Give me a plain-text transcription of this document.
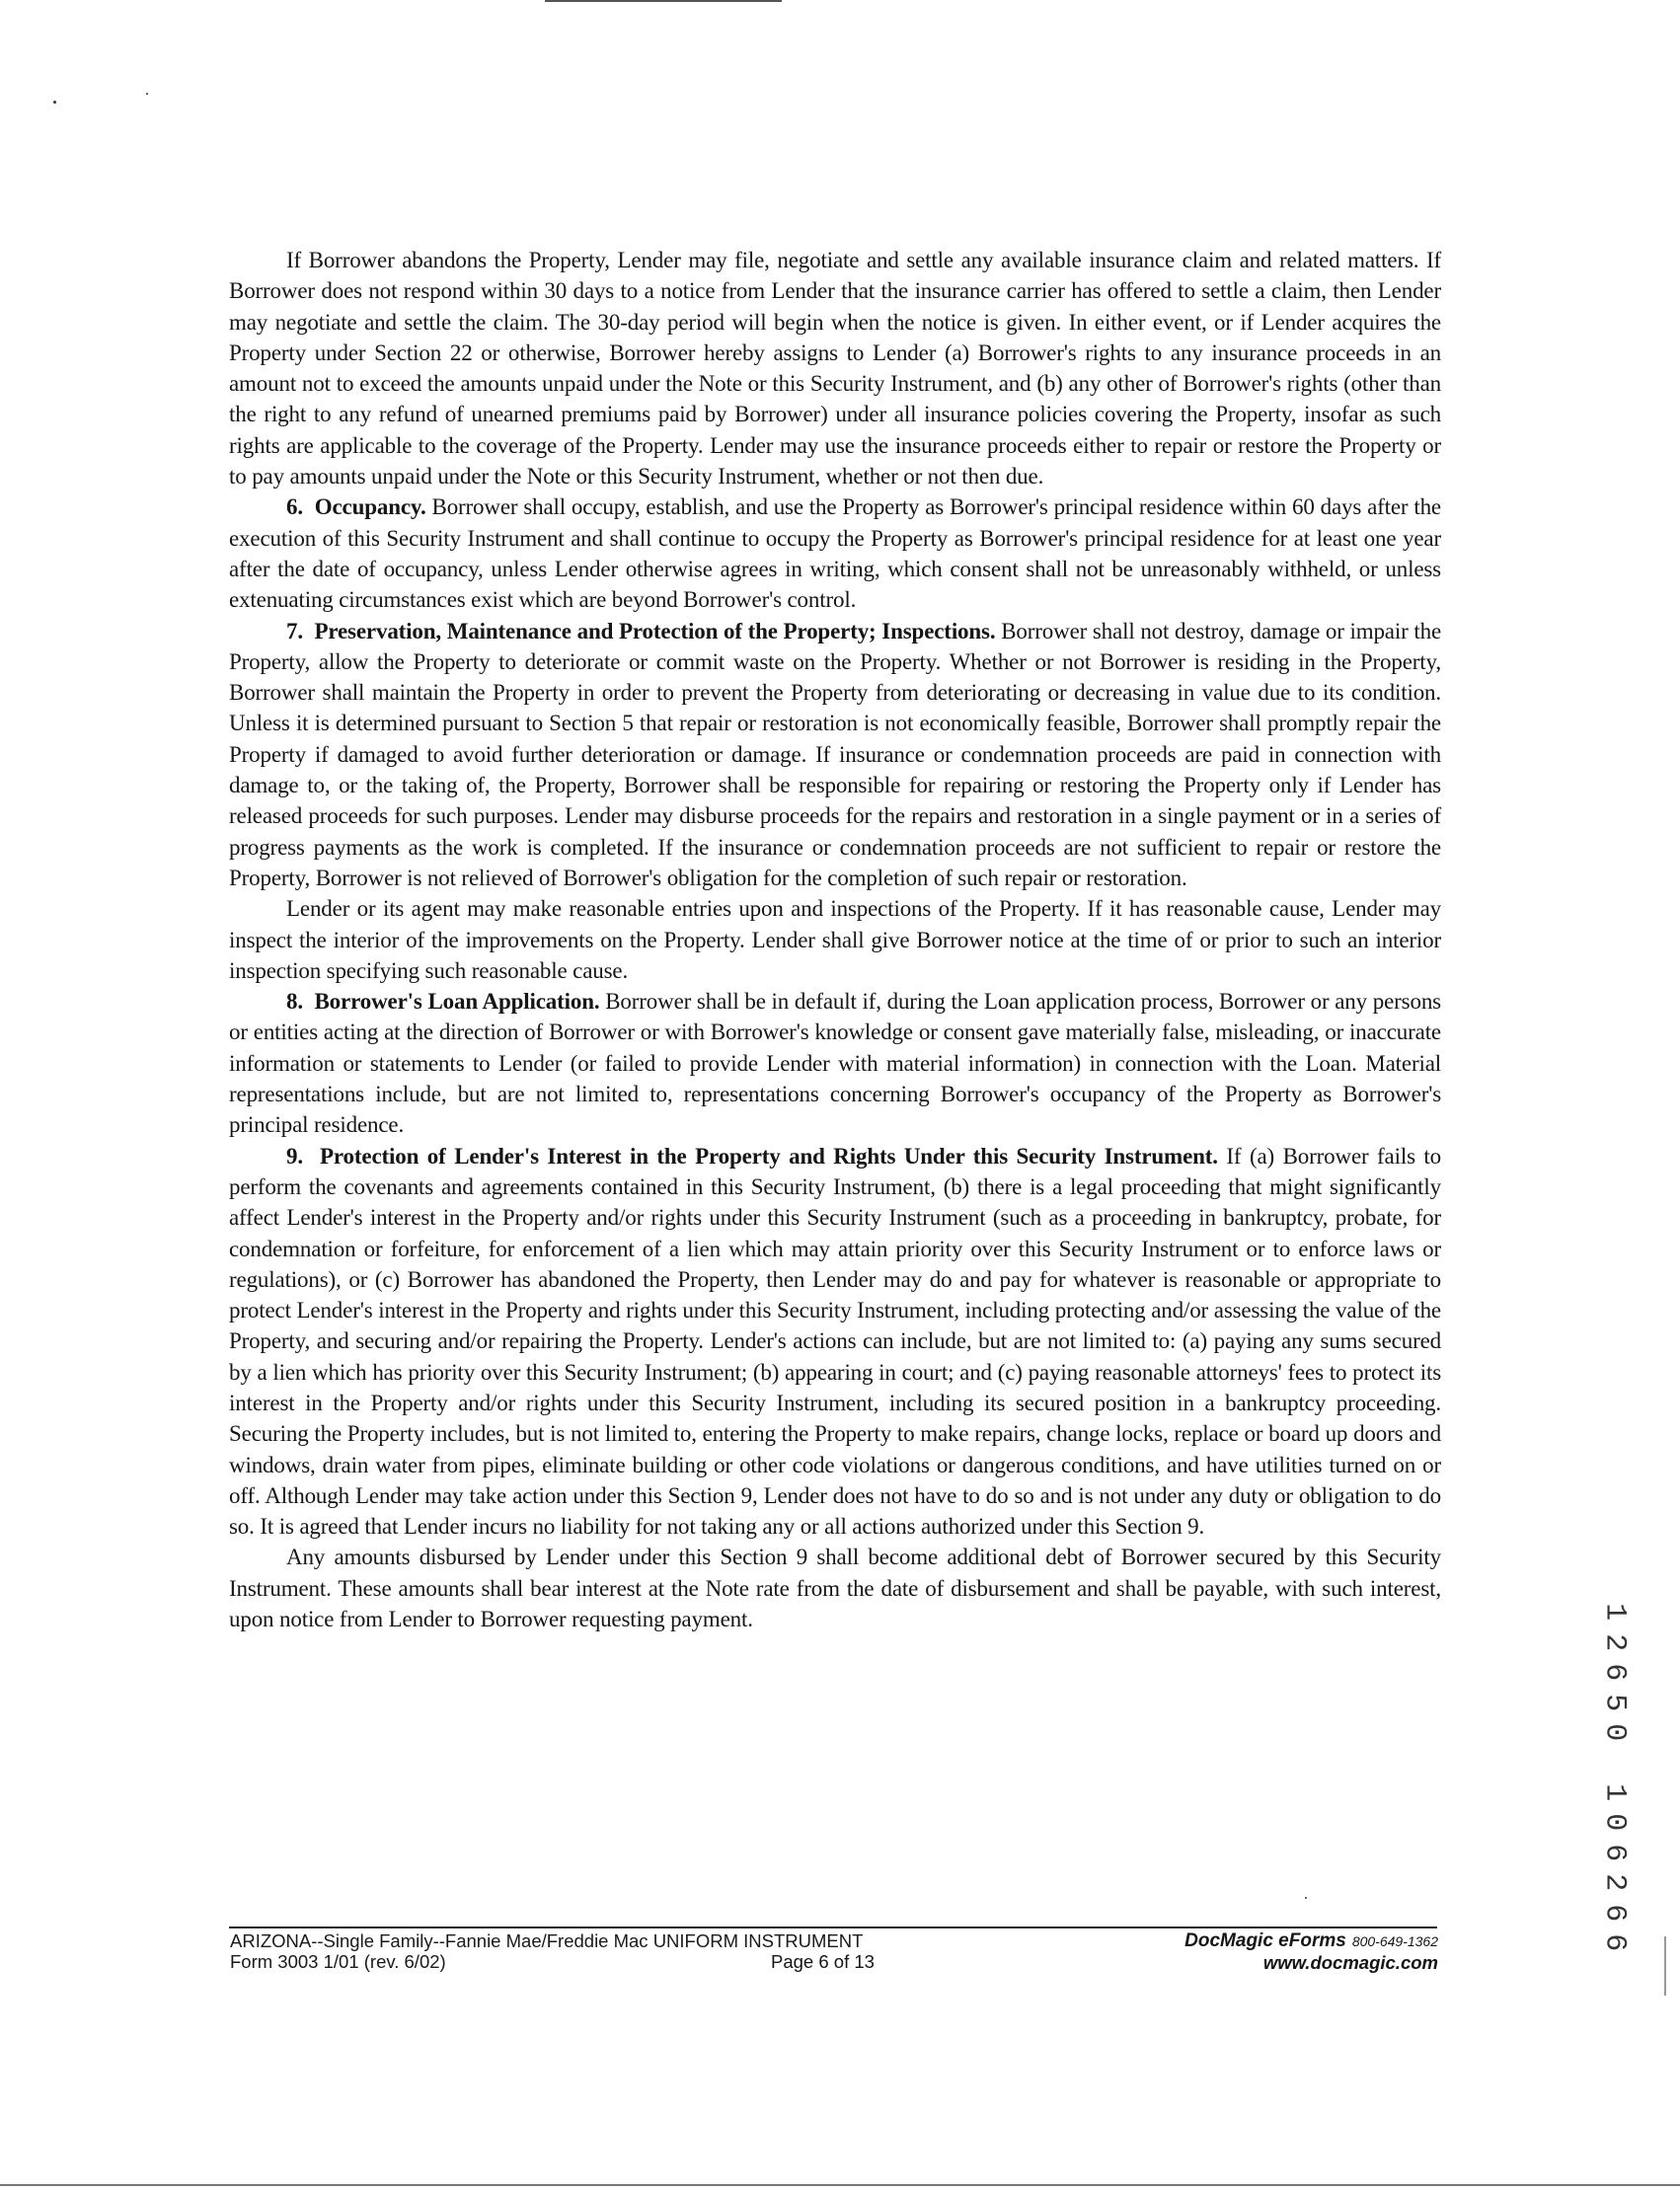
If Borrower abandons the Property, Lender may file, negotiate and settle any available insurance claim and related matters. If Borrower does not respond within 30 days to a notice from Lender that the insurance carrier has offered to settle a claim, then Lender may negotiate and settle the claim. The 30-day period will begin when the notice is given. In either event, or if Lender acquires the Property under Section 22 or otherwise, Borrower hereby assigns to Lender (a) Borrower's rights to any insurance proceeds in an amount not to exceed the amounts unpaid under the Note or this Security Instrument, and (b) any other of Borrower's rights (other than the right to any refund of unearned premiums paid by Borrower) under all insurance policies covering the Property, insofar as such rights are applicable to the coverage of the Property. Lender may use the insurance proceeds either to repair or restore the Property or to pay amounts unpaid under the Note or this Security Instrument, whether or not then due.

6. Occupancy. Borrower shall occupy, establish, and use the Property as Borrower's principal residence within 60 days after the execution of this Security Instrument and shall continue to occupy the Property as Borrower's principal residence for at least one year after the date of occupancy, unless Lender otherwise agrees in writing, which consent shall not be unreasonably withheld, or unless extenuating circumstances exist which are beyond Borrower's control.

7. Preservation, Maintenance and Protection of the Property; Inspections. Borrower shall not destroy, damage or impair the Property, allow the Property to deteriorate or commit waste on the Property. Whether or not Borrower is residing in the Property, Borrower shall maintain the Property in order to prevent the Property from deteriorating or decreasing in value due to its condition. Unless it is determined pursuant to Section 5 that repair or restoration is not economically feasible, Borrower shall promptly repair the Property if damaged to avoid further deterioration or damage. If insurance or condemnation proceeds are paid in connection with damage to, or the taking of, the Property, Borrower shall be responsible for repairing or restoring the Property only if Lender has released proceeds for such purposes. Lender may disburse proceeds for the repairs and restoration in a single payment or in a series of progress payments as the work is completed. If the insurance or condemnation proceeds are not sufficient to repair or restore the Property, Borrower is not relieved of Borrower's obligation for the completion of such repair or restoration.

Lender or its agent may make reasonable entries upon and inspections of the Property. If it has reasonable cause, Lender may inspect the interior of the improvements on the Property. Lender shall give Borrower notice at the time of or prior to such an interior inspection specifying such reasonable cause.

8. Borrower's Loan Application. Borrower shall be in default if, during the Loan application process, Borrower or any persons or entities acting at the direction of Borrower or with Borrower's knowledge or consent gave materially false, misleading, or inaccurate information or statements to Lender (or failed to provide Lender with material information) in connection with the Loan. Material representations include, but are not limited to, representations concerning Borrower's occupancy of the Property as Borrower's principal residence.

9. Protection of Lender's Interest in the Property and Rights Under this Security Instrument. If (a) Borrower fails to perform the covenants and agreements contained in this Security Instrument, (b) there is a legal proceeding that might significantly affect Lender's interest in the Property and/or rights under this Security Instrument (such as a proceeding in bankruptcy, probate, for condemnation or forfeiture, for enforcement of a lien which may attain priority over this Security Instrument or to enforce laws or regulations), or (c) Borrower has abandoned the Property, then Lender may do and pay for whatever is reasonable or appropriate to protect Lender's interest in the Property and rights under this Security Instrument, including protecting and/or assessing the value of the Property, and securing and/or repairing the Property. Lender's actions can include, but are not limited to: (a) paying any sums secured by a lien which has priority over this Security Instrument; (b) appearing in court; and (c) paying reasonable attorneys' fees to protect its interest in the Property and/or rights under this Security Instrument, including its secured position in a bankruptcy proceeding. Securing the Property includes, but is not limited to, entering the Property to make repairs, change locks, replace or board up doors and windows, drain water from pipes, eliminate building or other code violations or dangerous conditions, and have utilities turned on or off. Although Lender may take action under this Section 9, Lender does not have to do so and is not under any duty or obligation to do so. It is agreed that Lender incurs no liability for not taking any or all actions authorized under this Section 9.

Any amounts disbursed by Lender under this Section 9 shall become additional debt of Borrower secured by this Security Instrument. These amounts shall bear interest at the Note rate from the date of disbursement and shall be payable, with such interest, upon notice from Lender to Borrower requesting payment.

ARIZONA--Single Family--Fannie Mae/Freddie Mac UNIFORM INSTRUMENT
Form 3003 1/01 (rev. 6/02)	Page 6 of 13
DocMagic eForms 800-649-1362
www.docmagic.com
1
2
6
5
0
1
0
6
2
6
6
